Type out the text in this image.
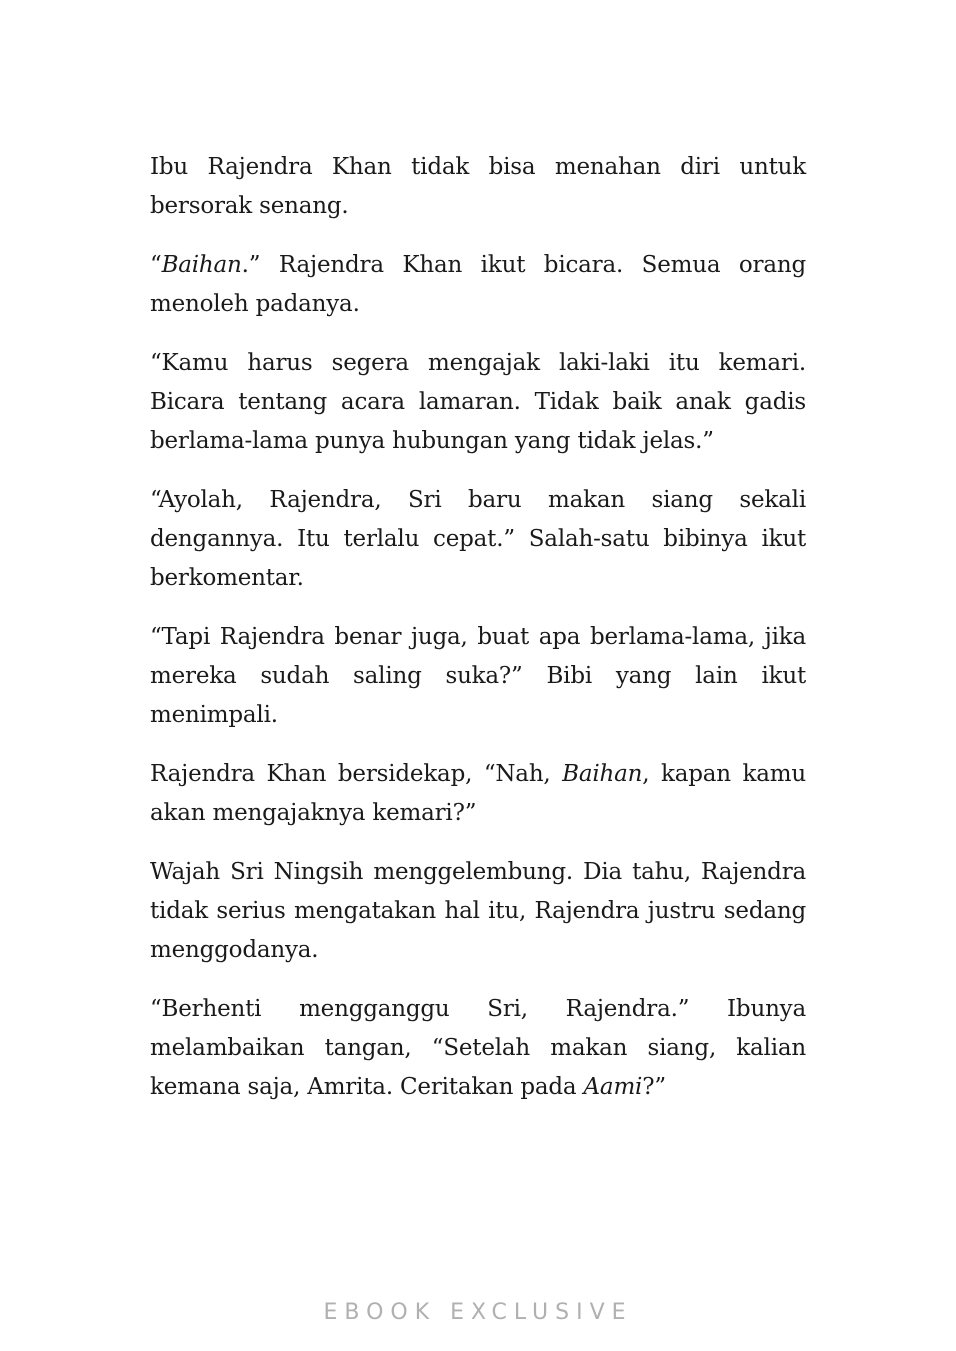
Ibu Rajendra Khan tidak bisa menahan diri untuk bersorak senang.

“Baihan.” Rajendra Khan ikut bicara. Semua orang menoleh padanya.

“Kamu harus segera mengajak laki-laki itu kemari. Bicara tentang acara lamaran. Tidak baik anak gadis berlama-lama punya hubungan yang tidak jelas.”

“Ayolah, Rajendra, Sri baru makan siang sekali dengannya. Itu terlalu cepat.” Salah-satu bibinya ikut berkomentar.

“Tapi Rajendra benar juga, buat apa berlama-lama, jika mereka sudah saling suka?” Bibi yang lain ikut menimpali.

Rajendra Khan bersidekap, “Nah, Baihan, kapan kamu akan mengajaknya kemari?”

Wajah Sri Ningsih menggelembung. Dia tahu, Rajendra tidak serius mengatakan hal itu, Rajendra justru sedang menggodanya.

“Berhenti mengganggu Sri, Rajendra.” Ibunya melambaikan tangan, “Setelah makan siang, kalian kemana saja, Amrita. Ceritakan pada Aami?”

EBOOK EXCLUSIVE
